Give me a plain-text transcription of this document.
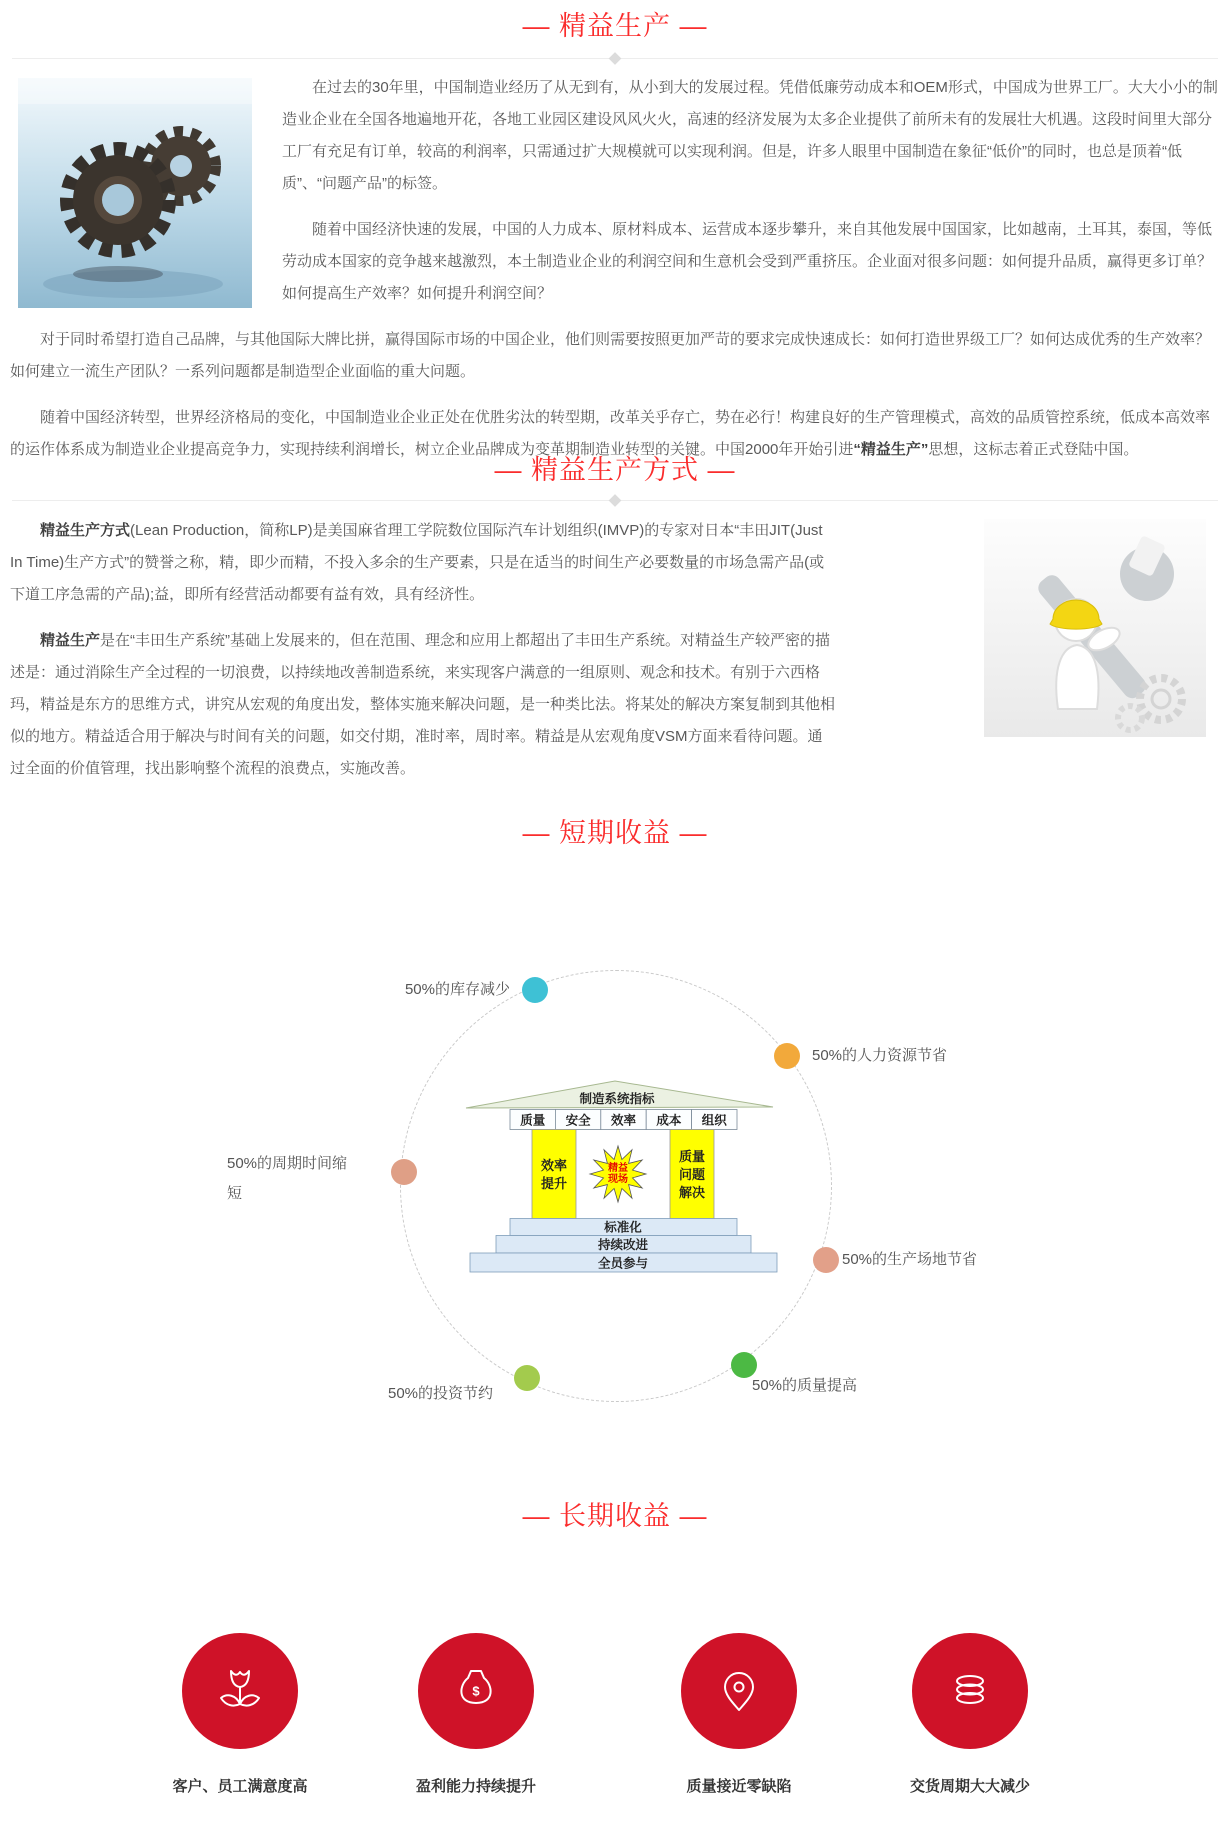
— 精益生产 —

在过去的30年里，中国制造业经历了从无到有，从小到大的发展过程。凭借低廉劳动成本和OEM形式，中国成为世界工厂。大大小小的制造业企业在全国各地遍地开花，各地工业园区建设风风火火，高速的经济发展为太多企业提供了前所未有的发展壮大机遇。这段时间里大部分工厂有充足有订单，较高的利润率，只需通过扩大规模就可以实现利润。但是，许多人眼里中国制造在象征“低价”的同时，也总是顶着“低质”、“问题产品”的标签。

随着中国经济快速的发展，中国的人力成本、原材料成本、运营成本逐步攀升，来自其他发展中国国家，比如越南，土耳其，泰国，等低劳动成本国家的竞争越来越激烈，本土制造业企业的利润空间和生意机会受到严重挤压。企业面对很多问题：如何提升品质，赢得更多订单？如何提高生产效率？如何提升利润空间？

对于同时希望打造自己品牌，与其他国际大牌比拼，赢得国际市场的中国企业，他们则需要按照更加严苛的要求完成快速成长：如何打造世界级工厂？如何达成优秀的生产效率？如何建立一流生产团队？一系列问题都是制造型企业面临的重大问题。

随着中国经济转型，世界经济格局的变化，中国制造业企业正处在优胜劣汰的转型期，改革关乎存亡，势在必行！构建良好的生产管理模式，高效的品质管控系统，低成本高效率的运作体系成为制造业企业提高竞争力，实现持续利润增长，树立企业品牌成为变革期制造业转型的关键。中国2000年开始引进“精益生产”思想，这标志着正式登陆中国。

— 精益生产方式 —

精益生产方式(Lean Production，简称LP)是美国麻省理工学院数位国际汽车计划组织(IMVP)的专家对日本“丰田JIT(Just In Time)生产方式”的赞誉之称，精，即少而精，不投入多余的生产要素，只是在适当的时间生产必要数量的市场急需产品(或下道工序急需的产品);益，即所有经营活动都要有益有效，具有经济性。

精益生产是在“丰田生产系统”基础上发展来的，但在范围、理念和应用上都超出了丰田生产系统。对精益生产较严密的描述是：通过消除生产全过程的一切浪费，以持续地改善制造系统，来实现客户满意的一组原则、观念和技术。有别于六西格玛，精益是东方的思维方式，讲究从宏观的角度出发，整体实施来解决问题，是一种类比法。将某处的解决方案复制到其他相似的地方。精益适合用于解决与时间有关的问题，如交付期，准时率，周时率。精益是从宏观角度VSM方面来看待问题。通过全面的价值管理，找出影响整个流程的浪费点，实施改善。

— 短期收益 —
50%的库存减少
50%的人力资源节省
50%的周期时间缩短
50%的生产场地节省
50%的质量提高
50%的投资节约
制造系统指标
质量 安全 效率 成本 组织
效率
提升
质量
问题
解决
精益
现场
标准化
持续改进
全员参与
— 长期收益 —
客户、员工满意度高
$
盈利能力持续提升	质量接近零缺陷	交货周期大大减少
